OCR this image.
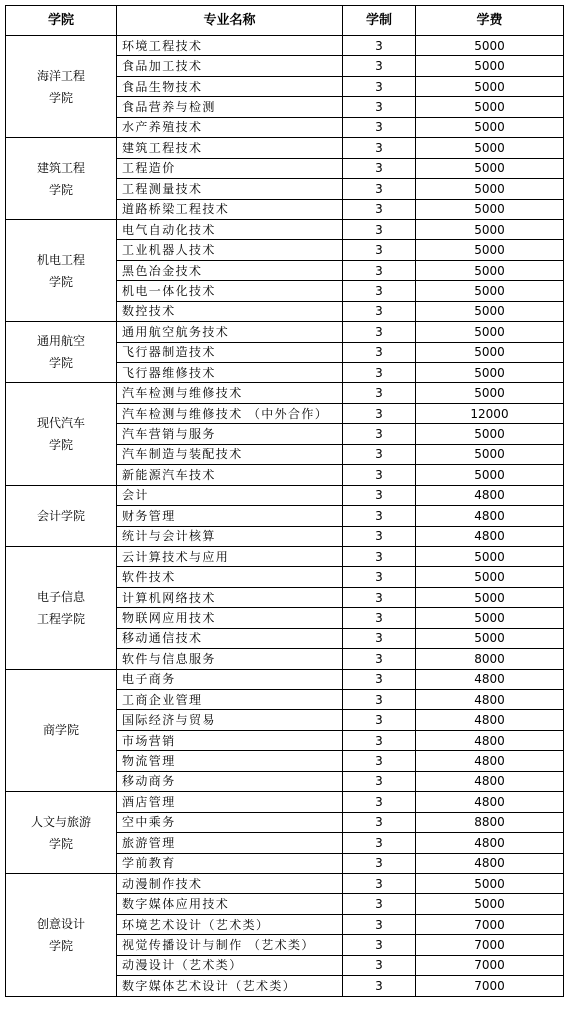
学院	专业名称	学制	学费

海洋工程
学院	环境工程技术	3	5000
	食品加工技术	3	5000
	食品生物技术	3	5000
	食品营养与检测	3	5000
	水产养殖技术	3	5000

建筑工程
学院	建筑工程技术	3	5000
	工程造价	3	5000
	工程测量技术	3	5000
	道路桥梁工程技术	3	5000

机电工程
学院	电气自动化技术	3	5000
	工业机器人技术	3	5000
	黑色冶金技术	3	5000
	机电一体化技术	3	5000
	数控技术	3	5000

通用航空
学院	通用航空航务技术	3	5000
	飞行器制造技术	3	5000
	飞行器维修技术	3	5000

现代汽车
学院	汽车检测与维修技术	3	5000
	汽车检测与维修技术 （中外合作）	3	12000
	汽车营销与服务	3	5000
	汽车制造与装配技术	3	5000
	新能源汽车技术	3	5000

会计学院	会计	3	4800
	财务管理	3	4800
	统计与会计核算	3	4800

电子信息
工程学院	云计算技术与应用	3	5000
	软件技术	3	5000
	计算机网络技术	3	5000
	物联网应用技术	3	5000
	移动通信技术	3	5000
	软件与信息服务	3	8000

商学院	电子商务	3	4800
	工商企业管理	3	4800
	国际经济与贸易	3	4800
	市场营销	3	4800
	物流管理	3	4800
	移动商务	3	4800

人文与旅游
学院	酒店管理	3	4800
	空中乘务	3	8800
	旅游管理	3	4800
	学前教育	3	4800

创意设计
学院	动漫制作技术	3	5000
	数字媒体应用技术	3	5000
	环境艺术设计（艺术类）	3	7000
	视觉传播设计与制作 （艺术类）	3	7000
	动漫设计（艺术类）	3	7000
	数字媒体艺术设计（艺术类）	3	7000
